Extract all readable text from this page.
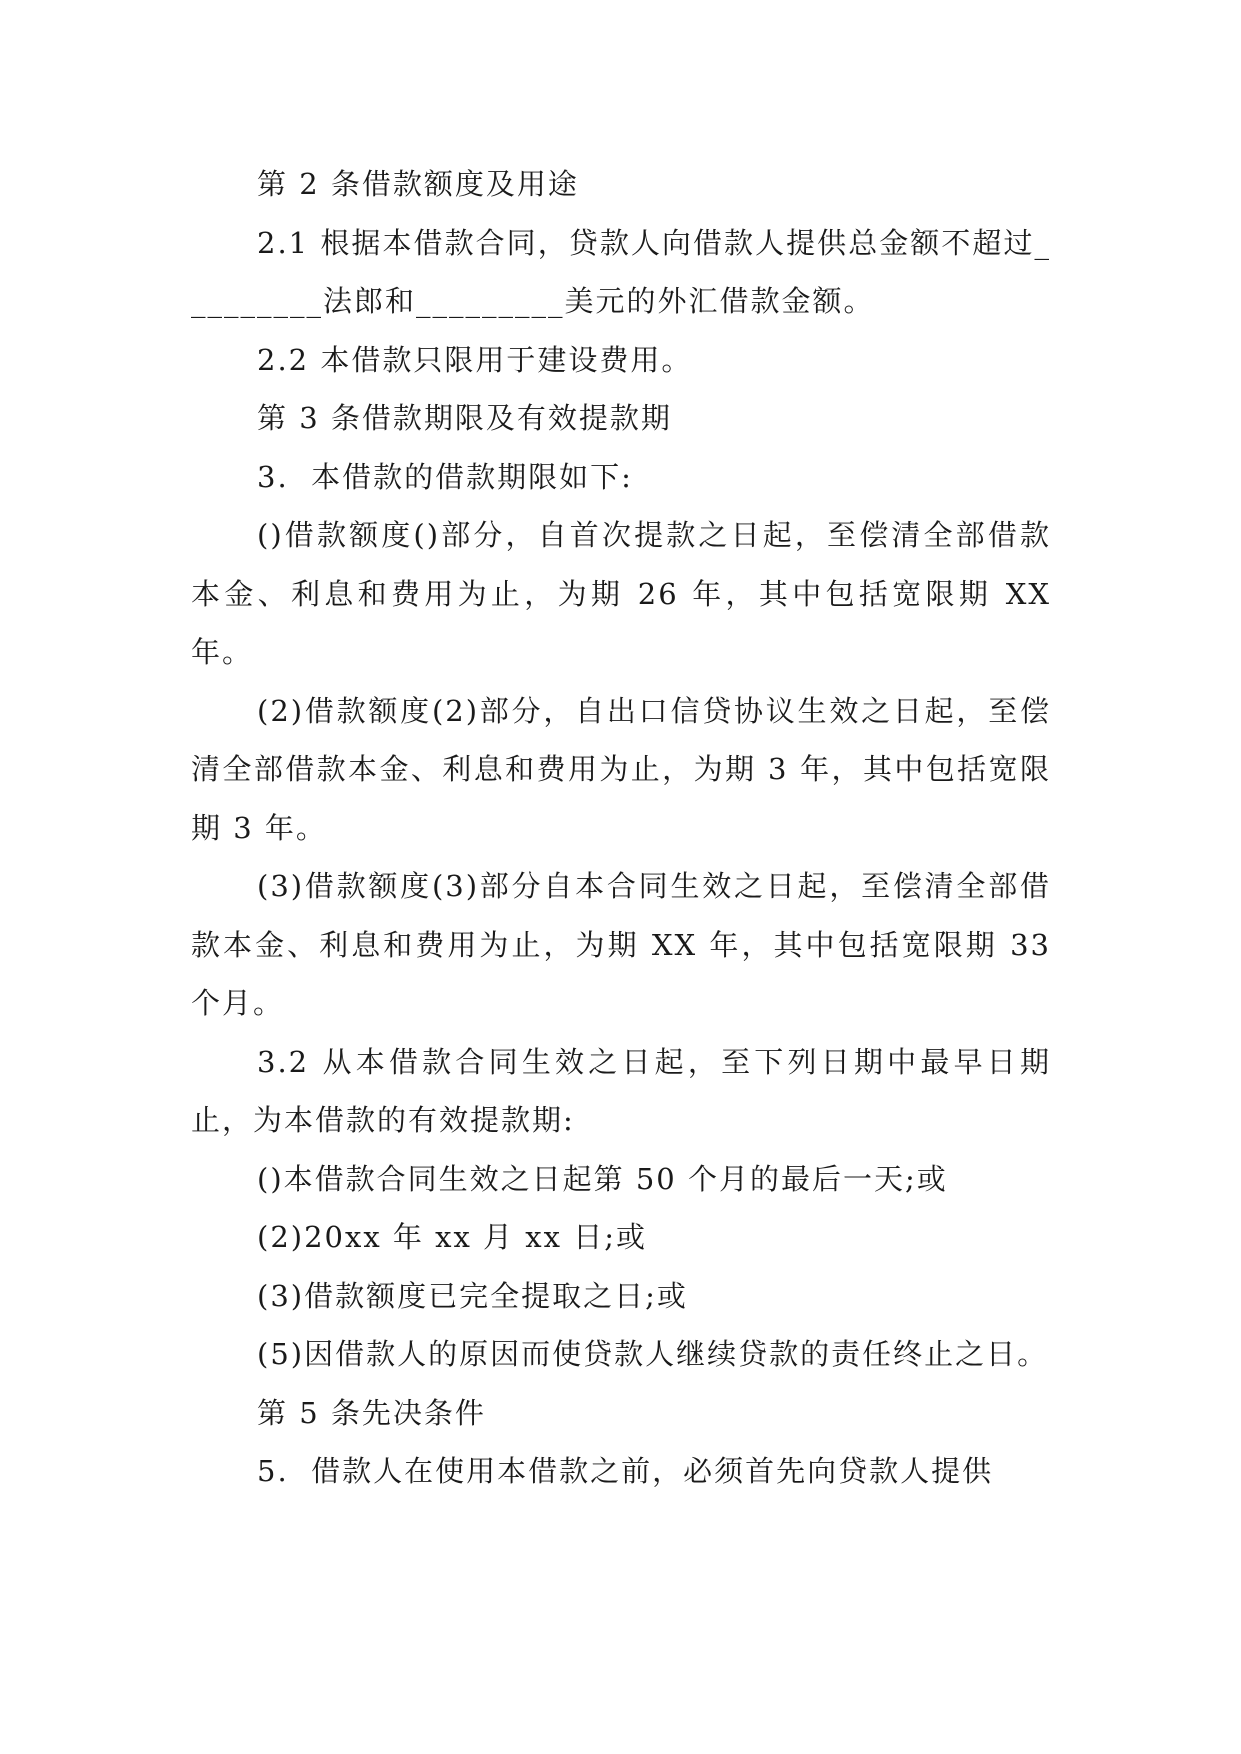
第 2 条借款额度及用途

2.1 根据本借款合同，贷款人向借款人提供总金额不超过_________法郎和_________美元的外汇借款金额。

2.2 本借款只限用于建设费用。

第 3 条借款期限及有效提款期

3.  本借款的借款期限如下:

()借款额度()部分，自首次提款之日起，至偿清全部借款本金、利息和费用为止，为期 26 年，其中包括宽限期 XX 年。

(2)借款额度(2)部分，自出口信贷协议生效之日起，至偿清全部借款本金、利息和费用为止，为期 3 年，其中包括宽限期 3 年。

(3)借款额度(3)部分自本合同生效之日起，至偿清全部借款本金、利息和费用为止，为期 XX 年，其中包括宽限期 33 个月。

3.2 从本借款合同生效之日起，至下列日期中最早日期止，为本借款的有效提款期:

()本借款合同生效之日起第 50 个月的最后一天;或

(2)20xx 年 xx 月 xx 日;或

(3)借款额度已完全提取之日;或

(5)因借款人的原因而使贷款人继续贷款的责任终止之日。

第 5 条先决条件

5.  借款人在使用本借款之前，必须首先向贷款人提供
